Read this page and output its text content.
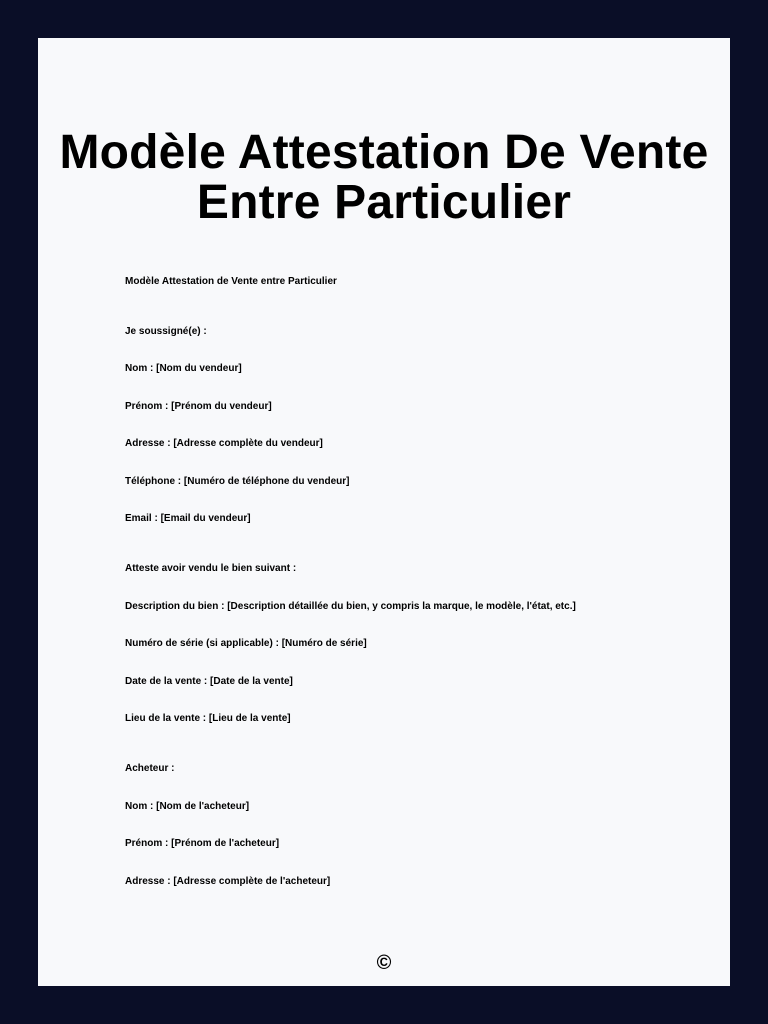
Modèle Attestation De Vente
Entre Particulier
Modèle Attestation de Vente entre Particulier
Je soussigné(e) :
Nom : [Nom du vendeur]
Prénom : [Prénom du vendeur]
Adresse : [Adresse complète du vendeur]
Téléphone : [Numéro de téléphone du vendeur]
Email : [Email du vendeur]
Atteste avoir vendu le bien suivant :
Description du bien : [Description détaillée du bien, y compris la marque, le modèle, l'état, etc.]
Numéro de série (si applicable) : [Numéro de série]
Date de la vente : [Date de la vente]
Lieu de la vente : [Lieu de la vente]
Acheteur :
Nom : [Nom de l'acheteur]
Prénom : [Prénom de l'acheteur]
Adresse : [Adresse complète de l'acheteur]
©
